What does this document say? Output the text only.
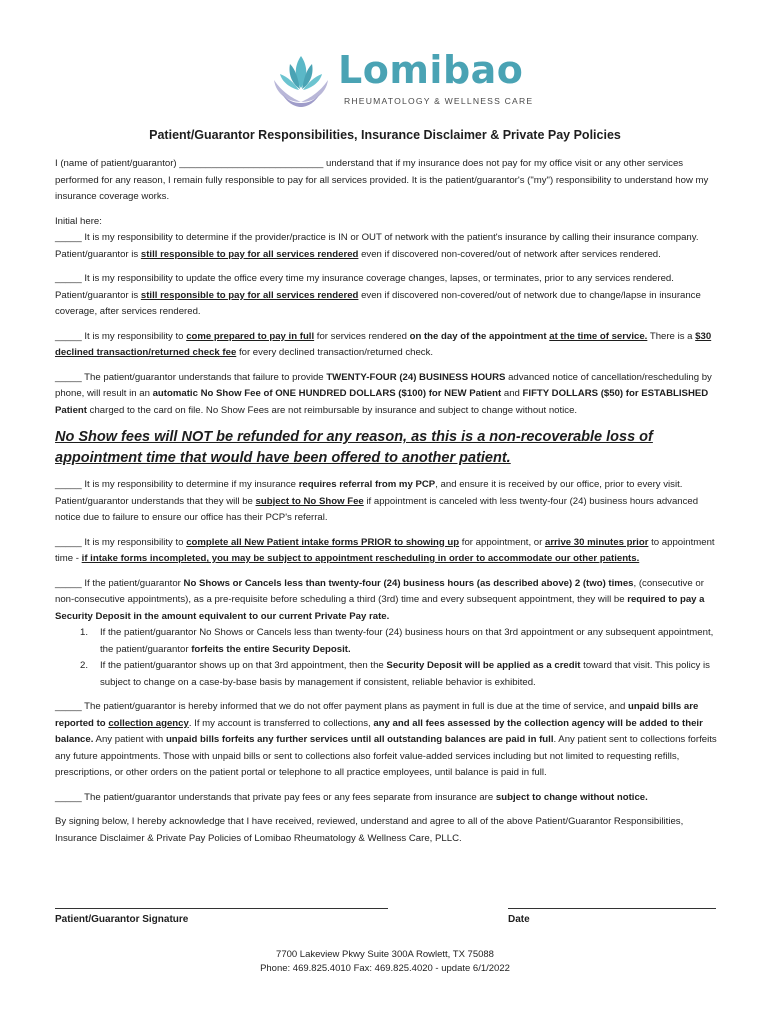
Lomibao
RHEUMATOLOGY & WELLNESS CARE
Patient/Guarantor Responsibilities, Insurance Disclaimer & Private Pay Policies

I (name of patient/guarantor) ___________________________ understand that if my insurance does not pay for my office visit or any other services performed for any reason, I remain fully responsible to pay for all services provided. It is the patient/guarantor's ("my") responsibility to understand how my insurance coverage works.

Initial here:

_____ It is my responsibility to determine if the provider/practice is IN or OUT of network with the patient's insurance by calling their insurance company. Patient/guarantor is still responsible to pay for all services rendered even if discovered non-covered/out of network after services rendered.

_____ It is my responsibility to update the office every time my insurance coverage changes, lapses, or terminates, prior to any services rendered. Patient/guarantor is still responsible to pay for all services rendered even if discovered non-covered/out of network due to change/lapse in insurance coverage, after services rendered.

_____ It is my responsibility to come prepared to pay in full for services rendered on the day of the appointment at the time of service. There is a $30 declined transaction/returned check fee for every declined transaction/returned check.

_____ The patient/guarantor understands that failure to provide TWENTY-FOUR (24) BUSINESS HOURS advanced notice of cancellation/rescheduling by phone, will result in an automatic No Show Fee of ONE HUNDRED DOLLARS ($100) for NEW Patient and FIFTY DOLLARS ($50) for ESTABLISHED Patient charged to the card on file. No Show Fees are not reimbursable by insurance and subject to change without notice.

No Show fees will NOT be refunded for any reason, as this is a non-recoverable loss of appointment time that would have been offered to another patient.

_____ It is my responsibility to determine if my insurance requires referral from my PCP, and ensure it is received by our office, prior to every visit. Patient/guarantor understands that they will be subject to No Show Fee if appointment is canceled with less twenty-four (24) business hours advanced notice due to failure to ensure our office has their PCP's referral.

_____ It is my responsibility to complete all New Patient intake forms PRIOR to showing up for appointment, or arrive 30 minutes prior to appointment time - if intake forms incompleted, you may be subject to appointment rescheduling in order to accommodate our other patients.

_____ If the patient/guarantor No Shows or Cancels less than twenty-four (24) business hours (as described above) 2 (two) times, (consecutive or non-consecutive appointments), as a pre-requisite before scheduling a third (3rd) time and every subsequent appointment, they will be required to pay a Security Deposit in the amount equivalent to our current Private Pay rate.

1. If the patient/guarantor No Shows or Cancels less than twenty-four (24) business hours on that 3rd appointment or any subsequent appointment, the patient/guarantor forfeits the entire Security Deposit.
2. If the patient/guarantor shows up on that 3rd appointment, then the Security Deposit will be applied as a credit toward that visit. This policy is subject to change on a case-by-base basis by management if consistent, reliable behavior is exhibited.

_____ The patient/guarantor is hereby informed that we do not offer payment plans as payment in full is due at the time of service, and unpaid bills are reported to collection agency. If my account is transferred to collections, any and all fees assessed by the collection agency will be added to their balance. Any patient with unpaid bills forfeits any further services until all outstanding balances are paid in full. Any patient sent to collections forfeits any future appointments. Those with unpaid bills or sent to collections also forfeit value-added services including but not limited to requesting refills, prescriptions, or other orders on the patient portal or telephone to all practice employees, until balance is paid in full.

_____ The patient/guarantor understands that private pay fees or any fees separate from insurance are subject to change without notice.

By signing below, I hereby acknowledge that I have received, reviewed, understand and agree to all of the above Patient/Guarantor Responsibilities, Insurance Disclaimer & Private Pay Policies of Lomibao Rheumatology & Wellness Care, PLLC.

Patient/Guarantor Signature	Date
7700 Lakeview Pkwy Suite 300A Rowlett, TX 75088
Phone: 469.825.4010 Fax: 469.825.4020 - update 6/1/2022
